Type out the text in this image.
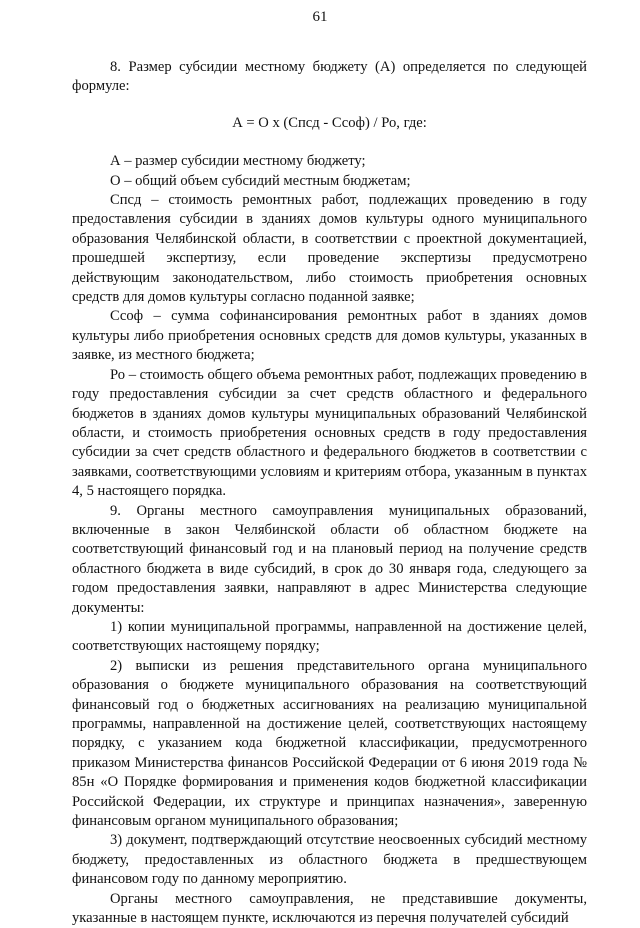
61

8. Размер субсидии местному бюджету (А) определяется по следующей формуле:

А = О х (Спсд - Ссоф) / Ро, где:

А – размер субсидии местному бюджету;

О – общий объем субсидий местным бюджетам;

Спсд – стоимость ремонтных работ, подлежащих проведению в году предоставления субсидии в зданиях домов культуры одного муниципального образования Челябинской области, в соответствии с проектной документацией, прошедшей экспертизу, если проведение экспертизы предусмотрено действующим законодательством, либо стоимость приобретения основных средств для домов культуры согласно поданной заявке;

Ссоф – сумма софинансирования ремонтных работ в зданиях домов культуры либо приобретения основных средств для домов культуры, указанных в заявке, из местного бюджета;

Ро – стоимость общего объема ремонтных работ, подлежащих проведению в году предоставления субсидии за счет средств областного и федерального бюджетов в зданиях домов культуры муниципальных образований Челябинской области, и стоимость приобретения основных средств в году предоставления субсидии за счет средств областного и федерального бюджетов в соответствии с заявками, соответствующими условиям и критериям отбора, указанным в пунктах 4, 5 настоящего порядка.

9. Органы местного самоуправления муниципальных образований, включенные в закон Челябинской области об областном бюджете на соответствующий финансовый год и на плановый период на получение средств областного бюджета в виде субсидий, в срок до 30 января года, следующего за годом предоставления заявки, направляют в адрес Министерства следующие документы:

1) копии муниципальной программы, направленной на достижение целей, соответствующих настоящему порядку;

2) выписки из решения представительного органа муниципального образования о бюджете муниципального образования на соответствующий финансовый год о бюджетных ассигнованиях на реализацию муниципальной программы, направленной на достижение целей, соответствующих настоящему порядку, с указанием кода бюджетной классификации, предусмотренного приказом Министерства финансов Российской Федерации от 6 июня 2019 года № 85н «О Порядке формирования и применения кодов бюджетной классификации Российской Федерации, их структуре и принципах назначения», заверенную финансовым органом муниципального образования;

3) документ, подтверждающий отсутствие неосвоенных субсидий местному бюджету, предоставленных из областного бюджета в предшествующем финансовом году по данному мероприятию.

Органы местного самоуправления, не представившие документы, указанные в настоящем пункте, исключаются из перечня получателей субсидий
